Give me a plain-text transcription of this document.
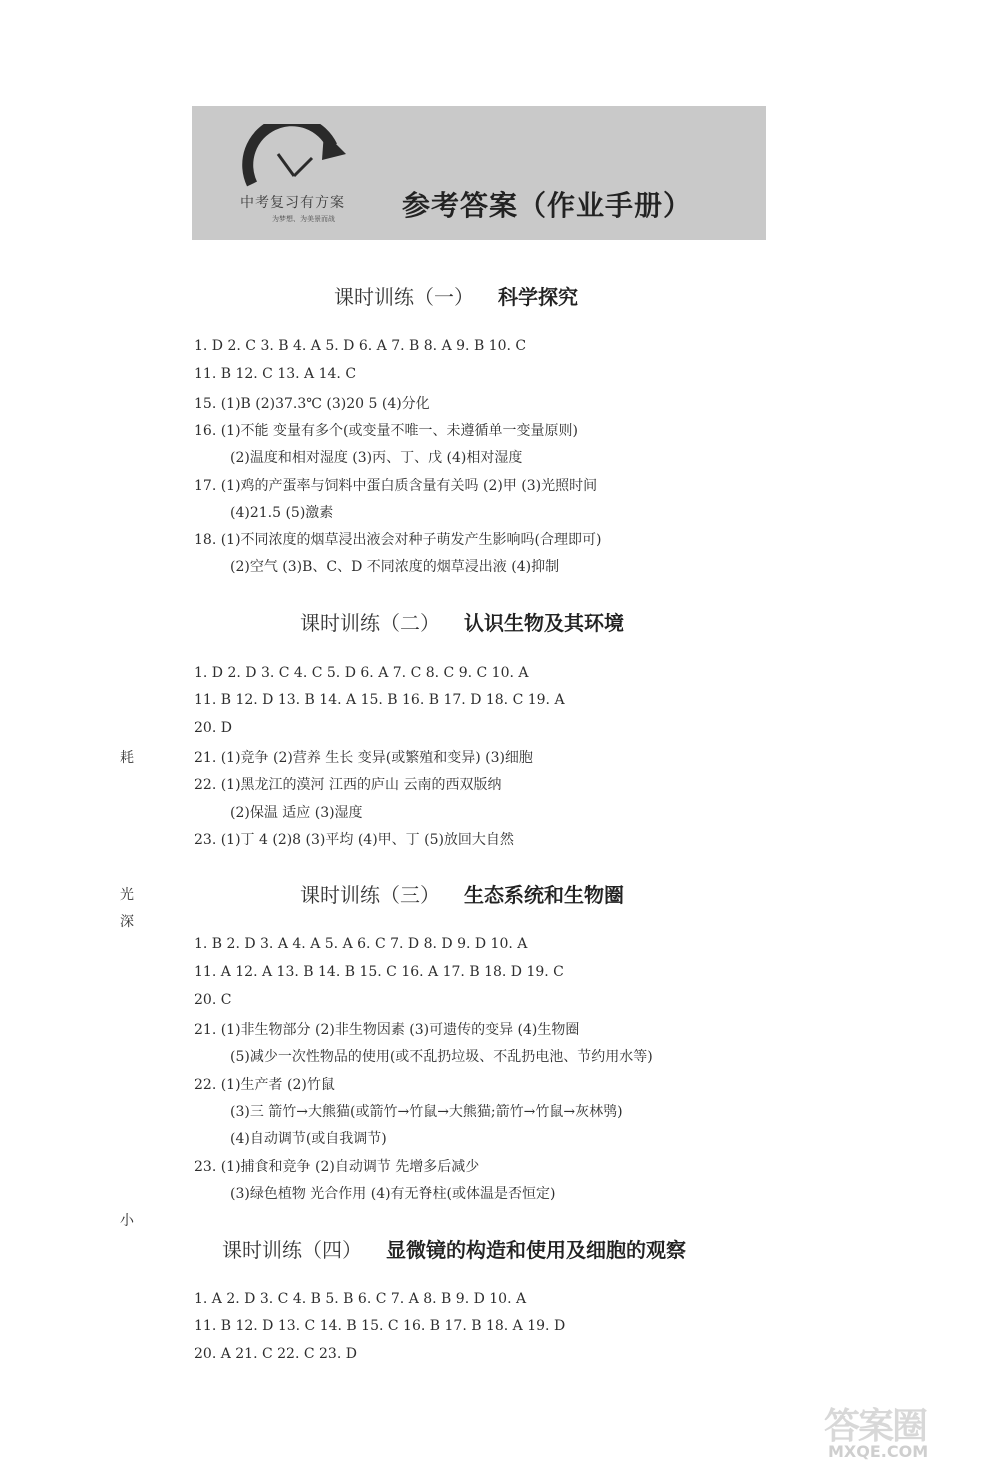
中考复习有方案
为梦想、为美景而战 参考答案（作业手册）
课时训练（一） 科学探究
1. D 2. C 3. B 4. A 5. D 6. A 7. B 8. A 9. B 10. C
11. B 12. C 13. A 14. C
15. (1)B (2)37.3℃ (3)20 5 (4)分化
16. (1)不能 变量有多个(或变量不唯一、未遵循单一变量原则)
(2)温度和相对湿度 (3)丙、丁、戊 (4)相对湿度
17. (1)鸡的产蛋率与饲料中蛋白质含量有关吗 (2)甲 (3)光照时间
(4)21.5 (5)激素
18. (1)不同浓度的烟草浸出液会对种子萌发产生影响吗(合理即可)
(2)空气 (3)B、C、D 不同浓度的烟草浸出液 (4)抑制
课时训练（二） 认识生物及其环境
1. D 2. D 3. C 4. C 5. D 6. A 7. C 8. C 9. C 10. A
11. B 12. D 13. B 14. A 15. B 16. B 17. D 18. C 19. A
20. D
21. (1)竞争 (2)营养 生长 变异(或繁殖和变异) (3)细胞
22. (1)黑龙江的漠河 江西的庐山 云南的西双版纳
(2)保温 适应 (3)湿度
23. (1)丁 4 (2)8 (3)平均 (4)甲、丁 (5)放回大自然
课时训练（三） 生态系统和生物圈
1. B 2. D 3. A 4. A 5. A 6. C 7. D 8. D 9. D 10. A
11. A 12. A 13. B 14. B 15. C 16. A 17. B 18. D 19. C
20. C
21. (1)非生物部分 (2)非生物因素 (3)可遗传的变异 (4)生物圈
(5)减少一次性物品的使用(或不乱扔垃圾、不乱扔电池、节约用水等)
22. (1)生产者 (2)竹鼠
(3)三 箭竹→大熊猫(或箭竹→竹鼠→大熊猫;箭竹→竹鼠→灰林鸮)
(4)自动调节(或自我调节)
23. (1)捕食和竞争 (2)自动调节 先增多后减少
(3)绿色植物 光合作用 (4)有无脊柱(或体温是否恒定)
课时训练（四） 显微镜的构造和使用及细胞的观察
1. A 2. D 3. C 4. B 5. B 6. C 7. A 8. B 9. D 10. A
11. B 12. D 13. C 14. B 15. C 16. B 17. B 18. A 19. D
20. A 21. C 22. C 23. D
耗
光
深
小
答案圈
MXQE.COM
